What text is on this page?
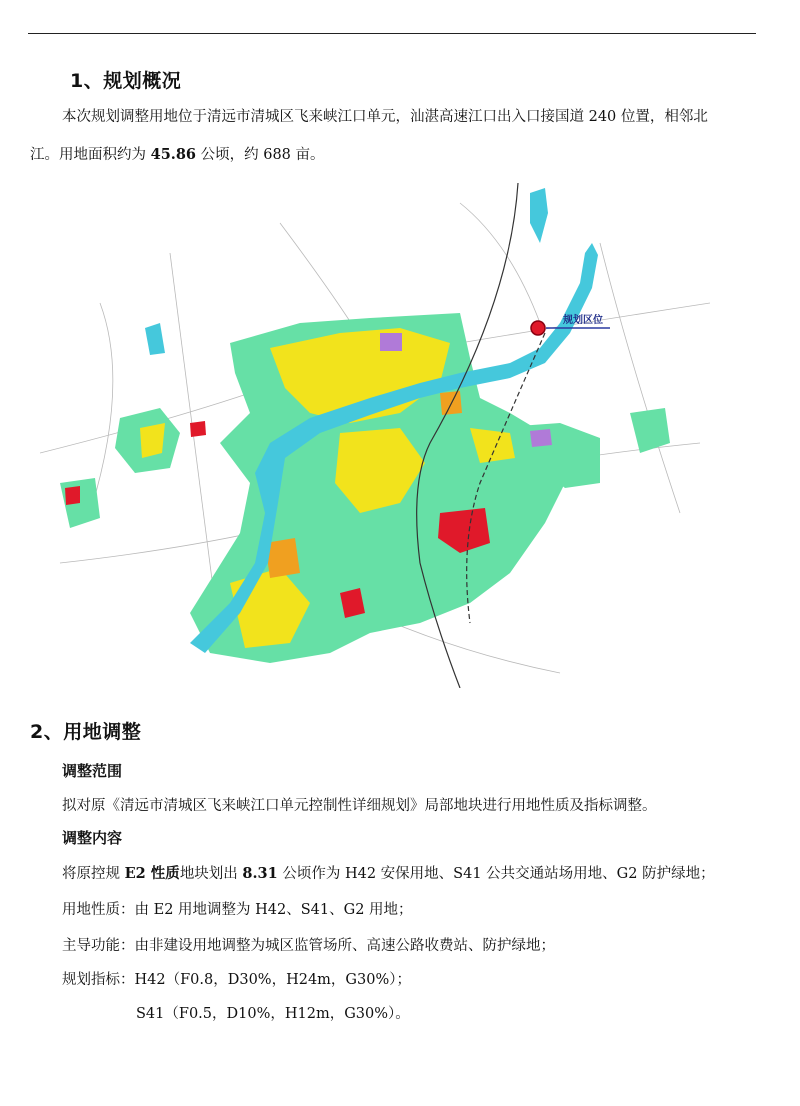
1、规划概况
本次规划调整用地位于清远市清城区飞来峡江口单元，汕湛高速江口出入口接国道 240 位置，相邻北
江。用地面积约为 45.86 公顷，约 688 亩。
规划区位
2、用地调整
调整范围
拟对原《清远市清城区飞来峡江口单元控制性详细规划》局部地块进行用地性质及指标调整。
调整内容
将原控规 E2 性质地块划出 8.31 公顷作为 H42 安保用地、S41 公共交通站场用地、G2 防护绿地；
用地性质：由 E2 用地调整为 H42、S41、G2 用地；
主导功能：由非建设用地调整为城区监管场所、高速公路收费站、防护绿地；
规划指标：H42（F0.8，D30%，H24m，G30%）；
S41（F0.5，D10%，H12m，G30%）。
